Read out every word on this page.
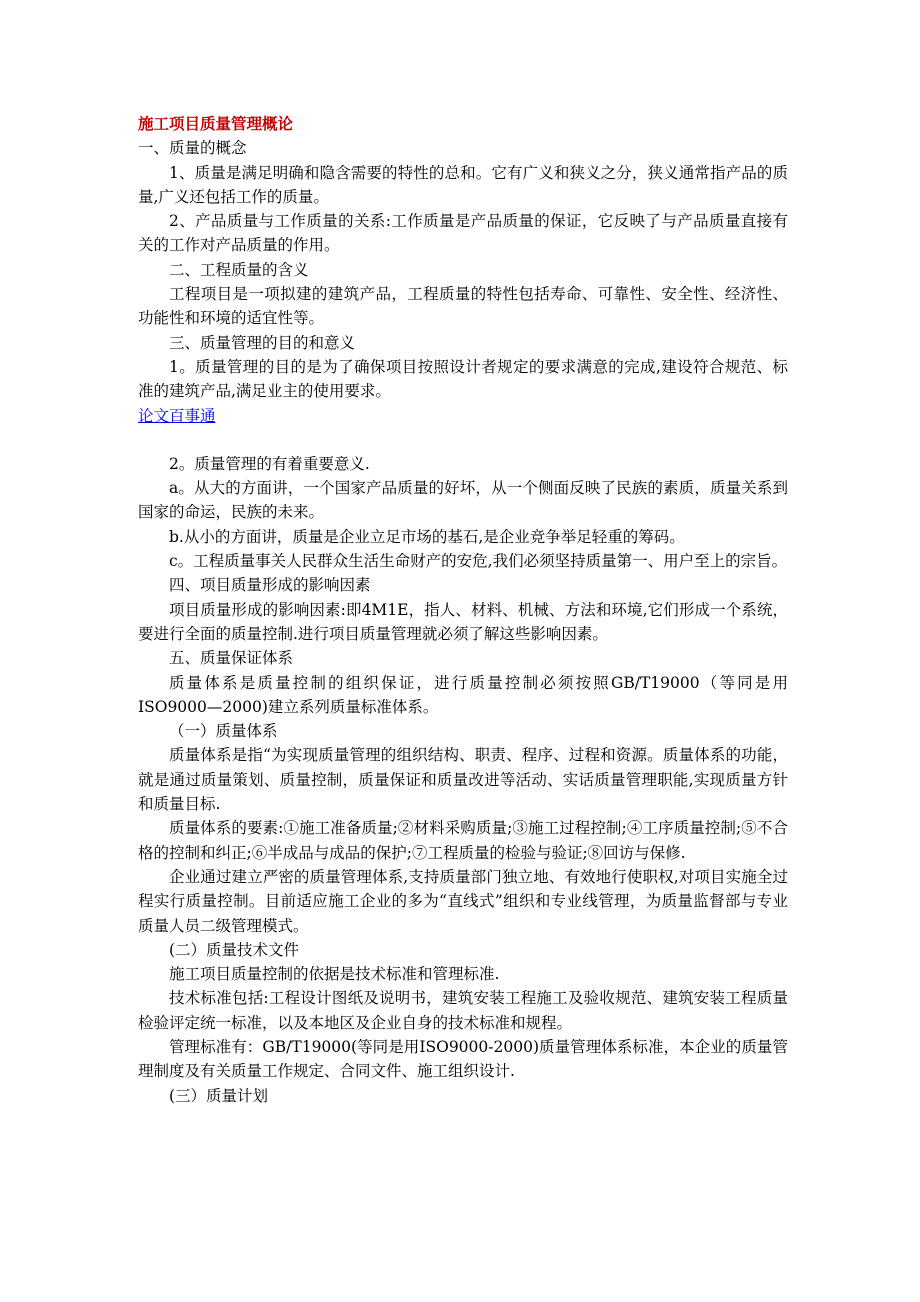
施工项目质量管理概论

一、质量的概念

1、质量是满足明确和隐含需要的特性的总和。它有广义和狭义之分，狭义通常指产品的质量,广义还包括工作的质量。

2、产品质量与工作质量的关系:工作质量是产品质量的保证，它反映了与产品质量直接有关的工作对产品质量的作用。

二、工程质量的含义

工程项目是一项拟建的建筑产品，工程质量的特性包括寿命、可靠性、安全性、经济性、功能性和环境的适宜性等。

三、质量管理的目的和意义

1。质量管理的目的是为了确保项目按照设计者规定的要求满意的完成,建设符合规范、标准的建筑产品,满足业主的使用要求。

论文百事通

2。质量管理的有着重要意义.

a。从大的方面讲，一个国家产品质量的好坏，从一个侧面反映了民族的素质，质量关系到国家的命运，民族的未来。

b.从小的方面讲，质量是企业立足市场的基石,是企业竞争举足轻重的筹码。

c。工程质量事关人民群众生活生命财产的安危,我们必须坚持质量第一、用户至上的宗旨。

四、项目质量形成的影响因素

项目质量形成的影响因素:即4M1E，指人、材料、机械、方法和环境,它们形成一个系统，要进行全面的质量控制.进行项目质量管理就必须了解这些影响因素。

五、质量保证体系

质量体系是质量控制的组织保证，进行质量控制必须按照GB/T19000（等同是用ISO9000—2000)建立系列质量标准体系。

（一）质量体系

质量体系是指“为实现质量管理的组织结构、职责、程序、过程和资源。质量体系的功能，就是通过质量策划、质量控制，质量保证和质量改进等活动、实话质量管理职能,实现质量方针和质量目标.

质量体系的要素:①施工准备质量;②材料采购质量;③施工过程控制;④工序质量控制;⑤不合格的控制和纠正;⑥半成品与成品的保护;⑦工程质量的检验与验证;⑧回访与保修.

企业通过建立严密的质量管理体系,支持质量部门独立地、有效地行使职权,对项目实施全过程实行质量控制。目前适应施工企业的多为“直线式”组织和专业线管理，为质量监督部与专业质量人员二级管理模式。

(二）质量技术文件

施工项目质量控制的依据是技术标准和管理标准.

技术标准包括:工程设计图纸及说明书，建筑安装工程施工及验收规范、建筑安装工程质量检验评定统一标准，以及本地区及企业自身的技术标准和规程。

管理标准有：GB/T19000(等同是用ISO9000-2000)质量管理体系标准，本企业的质量管理制度及有关质量工作规定、合同文件、施工组织设计.

(三）质量计划
